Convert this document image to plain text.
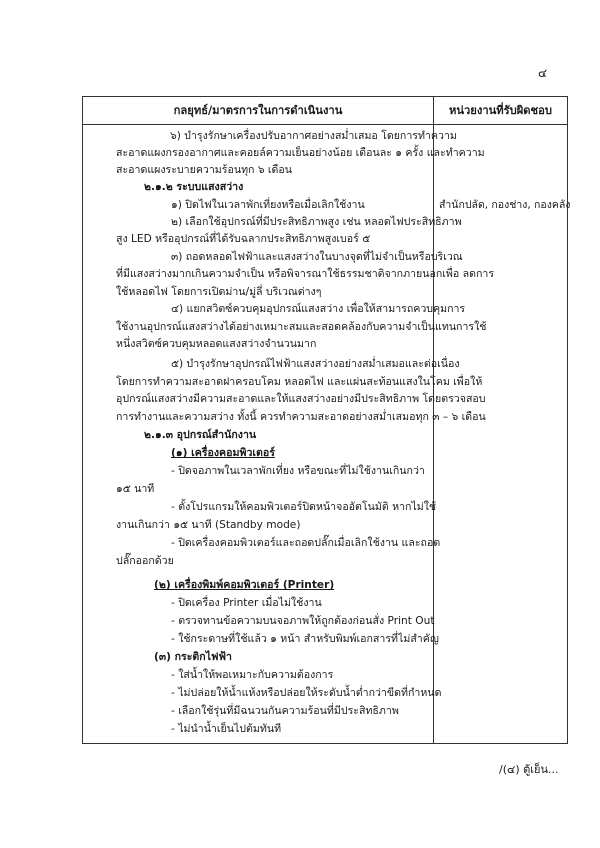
๔
กลยุทธ์/มาตรการในการดำเนินงาน	หน่วยงานที่รับผิดชอบ
สำนักปลัด, กองช่าง, กองคลัง
๖) บำรุงรักษาเครื่องปรับอากาศอย่างสม่ำเสมอ โดยการทำความ
สะอาดแผงกรองอากาศและคอยล์ความเย็นอย่างน้อย เดือนละ ๑ ครั้ง และทำความ
สะอาดแผงระบายความร้อนทุก ๖ เดือน
๒.๑.๒ ระบบแสงสว่าง
๑) ปิดไฟในเวลาพักเที่ยงหรือเมื่อเลิกใช้งาน
๒) เลือกใช้อุปกรณ์ที่มีประสิทธิภาพสูง เช่น หลอดไฟประสิทธิภาพ
สูง LED หรืออุปกรณ์ที่ได้รับฉลากประสิทธิภาพสูงเบอร์ ๕
๓) ถอดหลอดไฟฟ้าและแสงสว่างในบางจุดที่ไม่จำเป็นหรือบริเวณ
ที่มีแสงสว่างมากเกินความจำเป็น หรือพิจารณาใช้ธรรมชาติจากภายนอกเพื่อ ลดการ
ใช้หลอดไฟ โดยการเปิดม่าน/มู่ลี่ บริเวณต่างๆ
๔) แยกสวิตซ์ควบคุมอุปกรณ์แสงสว่าง เพื่อให้สามารถควบคุมการ
ใช้งานอุปกรณ์แสงสว่างได้อย่างเหมาะสมและสอดคล้องกับความจำเป็นแทนการใช้
หนึ่งสวิตซ์ควบคุมหลอดแสงสว่างจำนวนมาก
๕) บำรุงรักษาอุปกรณ์ไฟฟ้าแสงสว่างอย่างสม่ำเสมอและต่อเนื่อง
โดยการทำความสะอาดฝาครอบโคม หลอดไฟ และแผ่นสะท้อนแสงในโคม เพื่อให้
อุปกรณ์แสงสว่างมีความสะอาดและให้แสงสว่างอย่างมีประสิทธิภาพ โดยตรวจสอบ
การทำงานและความสว่าง ทั้งนี้ ควรทำความสะอาดอย่างสม่ำเสมอทุก ๓ – ๖ เดือน
๒.๑.๓ อุปกรณ์สำนักงาน
(๑) เครื่องคอมพิวเตอร์
- ปิดจอภาพในเวลาพักเที่ยง หรือขณะที่ไม่ใช้งานเกินกว่า
๑๕ นาที
- ตั้งโปรแกรมให้คอมพิวเตอร์ปิดหน้าจออัตโนมัติ หากไม่ใช้
งานเกินกว่า ๑๕ นาที (Standby mode)
- ปิดเครื่องคอมพิวเตอร์และถอดปลั๊กเมื่อเลิกใช้งาน และถอด
ปลั๊กออกด้วย
(๒) เครื่องพิมพ์คอมพิวเตอร์ (Printer)
- ปิดเครื่อง Printer เมื่อไม่ใช้งาน
- ตรวจทานข้อความบนจอภาพให้ถูกต้องก่อนสั่ง Print Out
- ใช้กระดาษที่ใช้แล้ว ๑ หน้า สำหรับพิมพ์เอกสารที่ไม่สำคัญ
(๓) กระติกไฟฟ้า
- ใส่น้ำให้พอเหมาะกับความต้องการ
- ไม่ปล่อยให้น้ำแห้งหรือปล่อยให้ระดับน้ำต่ำกว่าขีดที่กำหนด
- เลือกใช้รุ่นที่มีฉนวนกันความร้อนที่มีประสิทธิภาพ
- ไม่นำน้ำเย็นไปต้มทันที
/(๔) ตู้เย็น...
